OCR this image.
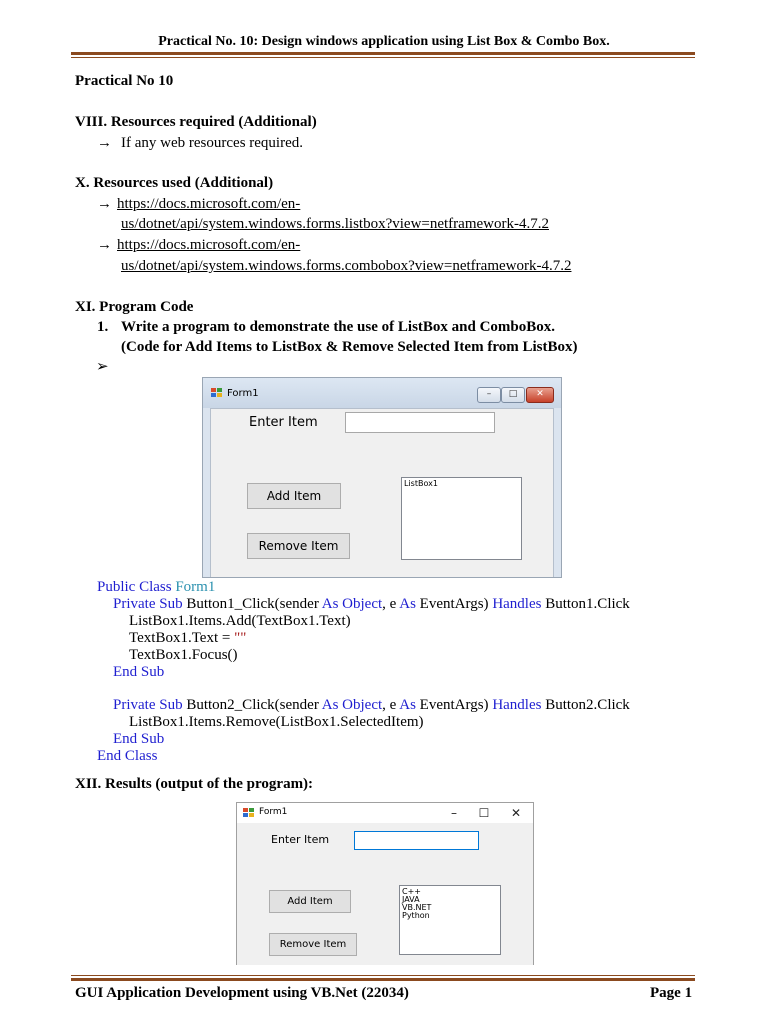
Practical No. 10: Design windows application using List Box & Combo Box.
Practical No 10
VIII. Resources required (Additional)
→ If any web resources required.
X. Resources used (Additional)
→ https://docs.microsoft.com/en-
us/dotnet/api/system.windows.forms.listbox?view=netframework-4.7.2
→ https://docs.microsoft.com/en-
us/dotnet/api/system.windows.forms.combobox?view=netframework-4.7.2
XI. Program Code
1. Write a program to demonstrate the use of ListBox and ComboBox.
(Code for Add Items to ListBox & Remove Selected Item from ListBox)
➢
Form1	–	□	✕
Enter Item
Add Item
Remove Item
ListBox1
Public Class Form1
Private Sub Button1_Click(sender As Object, e As EventArgs) Handles Button1.Click
ListBox1.Items.Add(TextBox1.Text)
TextBox1.Text = ""
TextBox1.Focus()
End Sub
Private Sub Button2_Click(sender As Object, e As EventArgs) Handles Button2.Click
ListBox1.Items.Remove(ListBox1.SelectedItem)
End Sub
End Class
XII. Results (output of the program):
Form1	–	☐	✕
Enter Item
Add Item
Remove Item
C++
JAVA
VB.NET
Python
GUI Application Development using VB.Net (22034)	Page 1
